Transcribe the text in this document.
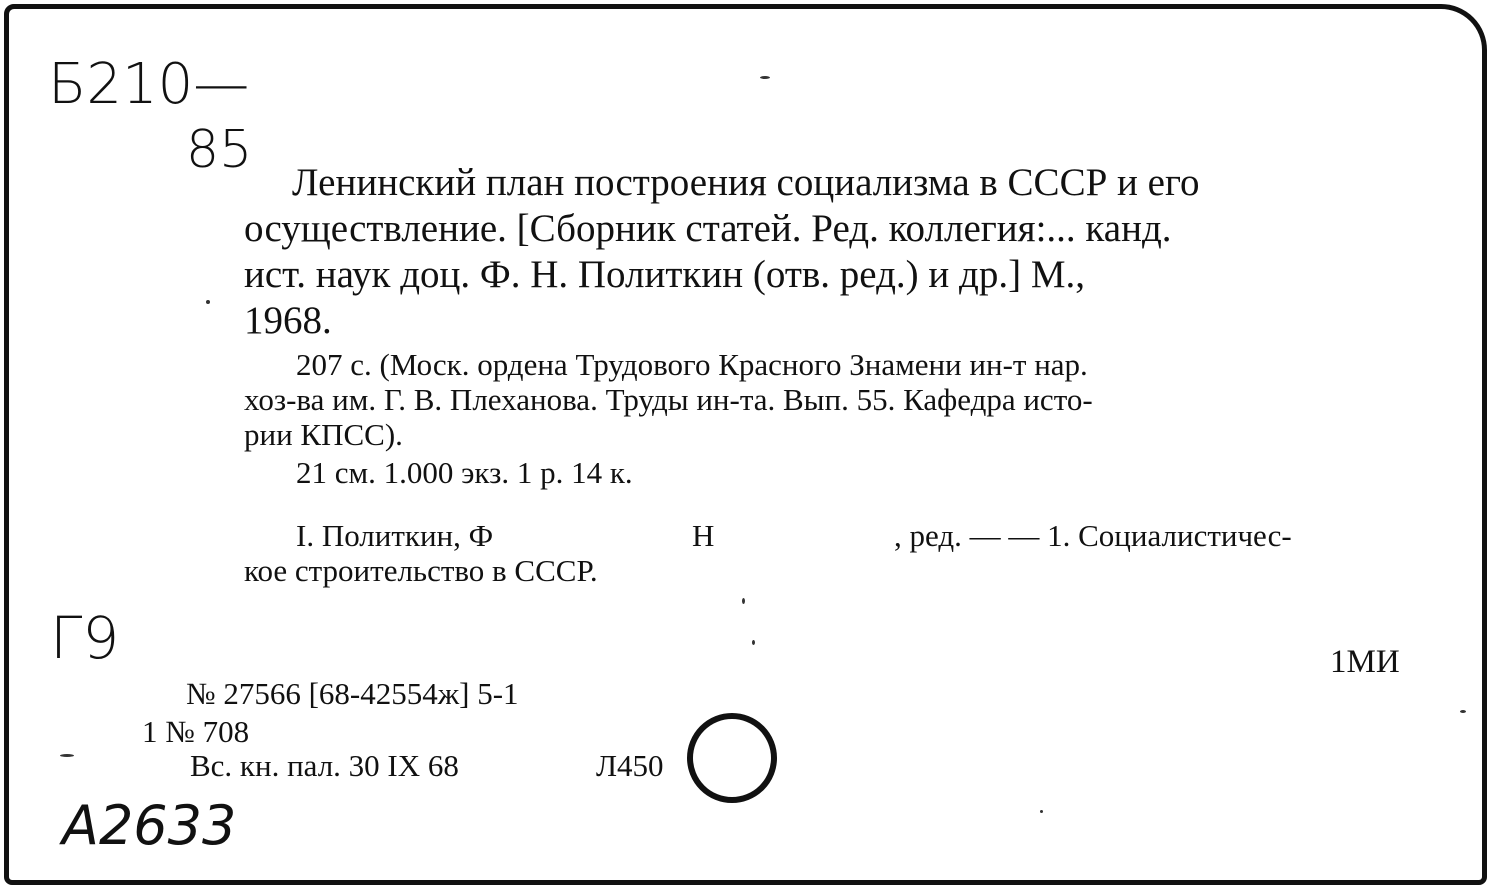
Б210—
85
Ленинский план построения социализма в СССР и его
осуществление. [Сборник статей. Ред. коллегия:... канд.
ист. наук доц. Ф. Н. Политкин (отв. ред.) и др.] М.,
1968.
207 с. (Моск. ордена Трудового Красного Знамени ин-т нар.
хоз-ва им. Г. В. Плеханова. Труды ин-та. Вып. 55. Кафедра исто-
рии КПСС).
21 см. 1.000 экз. 1 р. 14 к.
I. Политкин, Ф	Н	, ред. — — 1. Социалистичес-
кое строительство в СССР.
Г9	1МИ
№ 27566 [68-42554ж] 5-1
1 № 708
Вс. кн. пал. 30 IX 68	Л450
А2633
